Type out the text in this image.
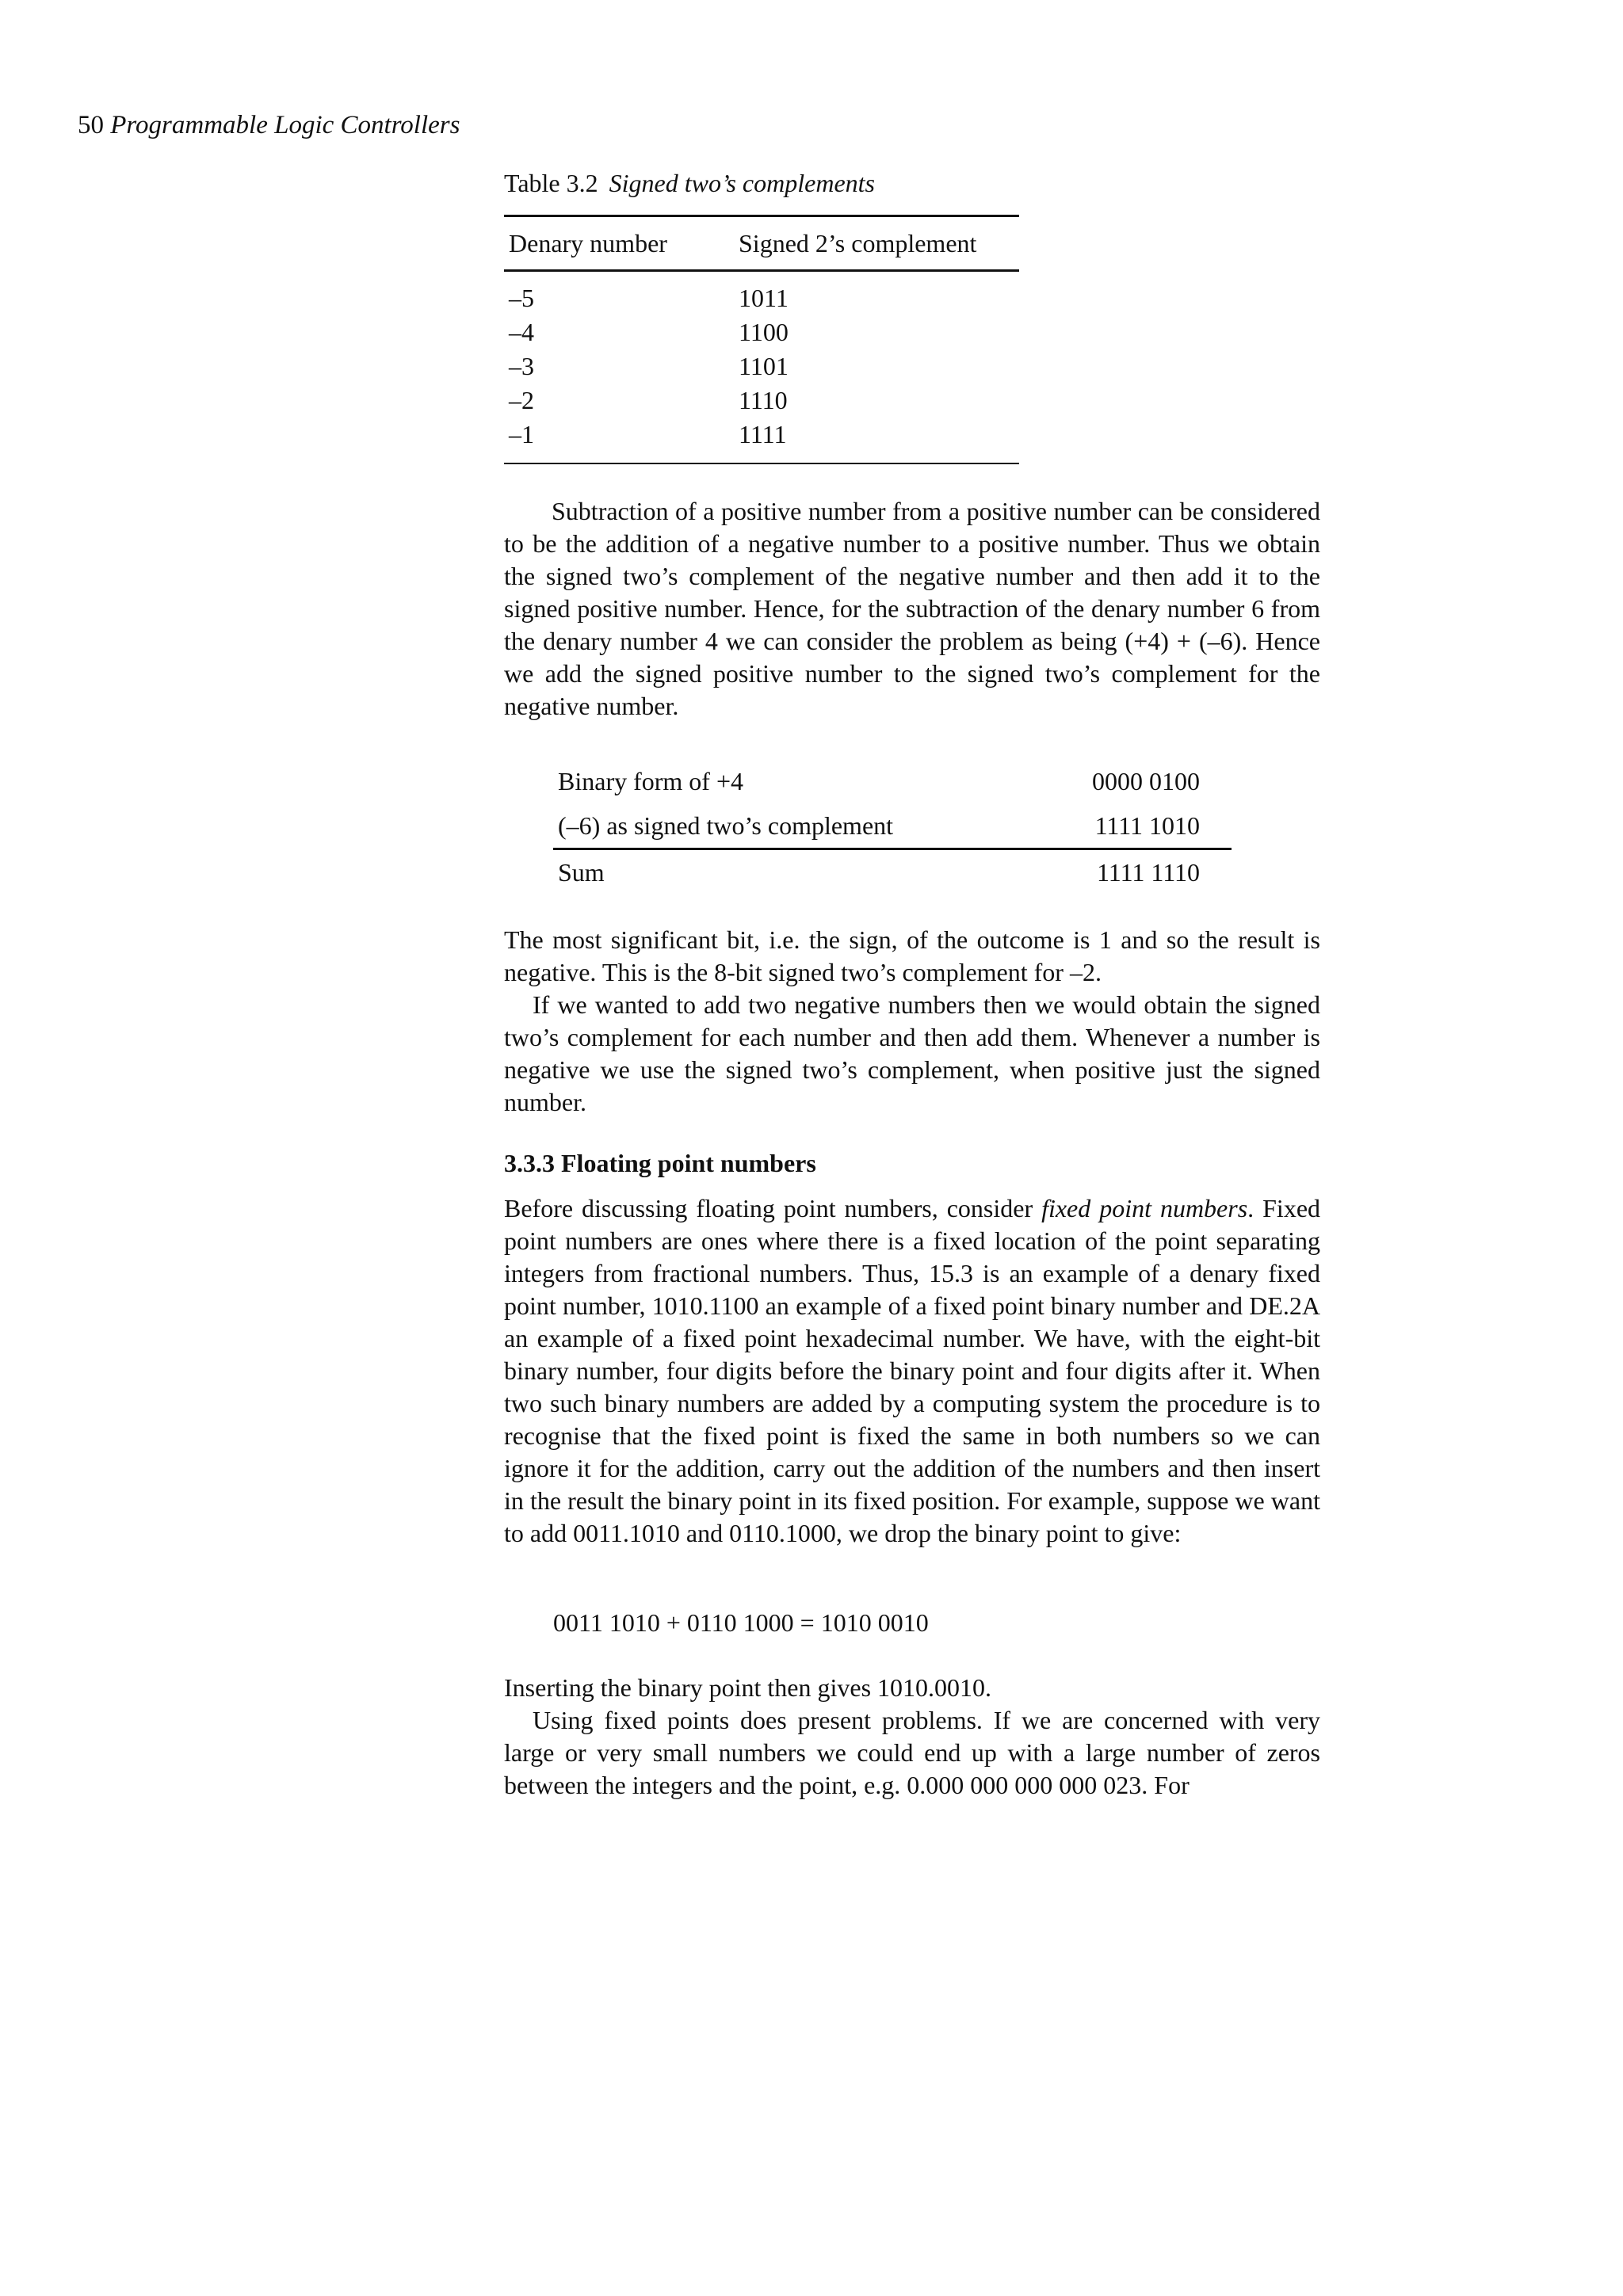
50 Programmable Logic Controllers
Table 3.2 Signed two’s complements
Denary number	Signed 2’s complement
–5	1011
–4	1100
–3	1101
–2	1110
–1	1111

Subtraction of a positive number from a positive number can be considered to be the addition of a negative number to a positive number. Thus we obtain the signed two’s complement of the negative number and then add it to the signed positive number. Hence, for the subtraction of the denary number 6 from the denary number 4 we can consider the problem as being (+4) + (–6). Hence we add the signed positive number to the signed two’s complement for the negative number.

Binary form of +4	0000 0100
(–6) as signed two’s complement	1111 1010
Sum	1111 1110

The most significant bit, i.e. the sign, of the outcome is 1 and so the result is negative. This is the 8-bit signed two’s complement for –2.

If we wanted to add two negative numbers then we would obtain the signed two’s complement for each number and then add them. Whenever a number is negative we use the signed two’s complement, when positive just the signed number.

3.3.3 Floating point numbers

Before discussing floating point numbers, consider fixed point numbers. Fixed point numbers are ones where there is a fixed location of the point separating integers from fractional numbers. Thus, 15.3 is an example of a denary fixed point number, 1010.1100 an example of a fixed point binary number and DE.2A an example of a fixed point hexadecimal number. We have, with the eight-bit binary number, four digits before the binary point and four digits after it. When two such binary numbers are added by a computing system the procedure is to recognise that the fixed point is fixed the same in both numbers so we can ignore it for the addition, carry out the addition of the numbers and then insert in the result the binary point in its fixed position. For example, suppose we want to add 0011.1010 and 0110.1000, we drop the binary point to give:

0011 1010 + 0110 1000 = 1010 0010

Inserting the binary point then gives 1010.0010.

Using fixed points does present problems. If we are concerned with very large or very small numbers we could end up with a large number of zeros between the integers and the point, e.g. 0.000 000 000 000 023. For
